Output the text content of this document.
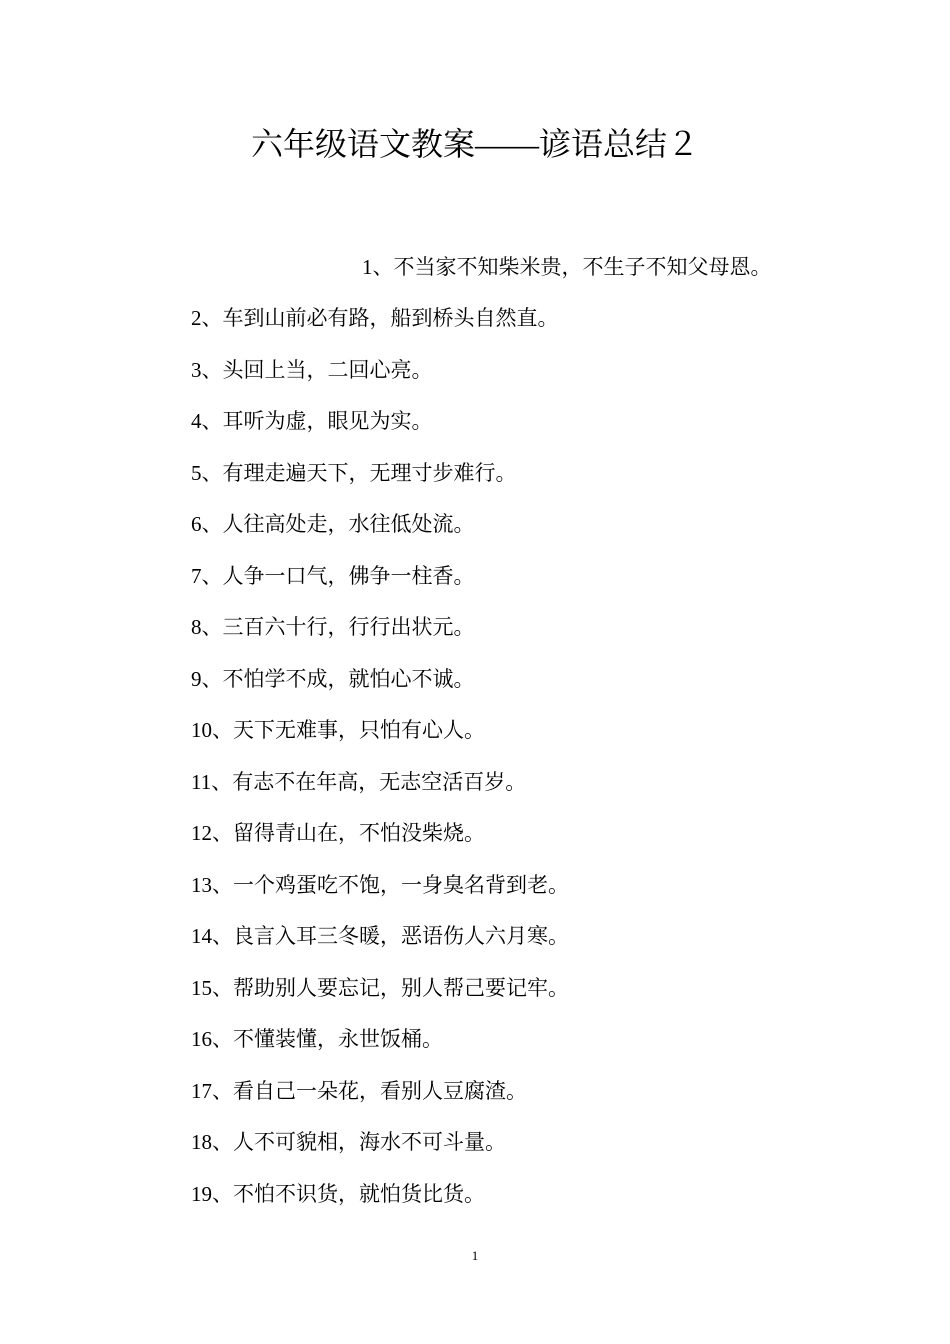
六年级语文教案——谚语总结２
1、不当家不知柴米贵，不生子不知父母恩。
2、车到山前必有路，船到桥头自然直。
3、头回上当，二回心亮。
4、耳听为虚，眼见为实。
5、有理走遍天下，无理寸步难行。
6、人往高处走，水往低处流。
7、人争一口气，佛争一柱香。
8、三百六十行，行行出状元。
9、不怕学不成，就怕心不诚。
10、天下无难事，只怕有心人。
11、有志不在年高，无志空活百岁。
12、留得青山在，不怕没柴烧。
13、一个鸡蛋吃不饱，一身臭名背到老。
14、良言入耳三冬暖，恶语伤人六月寒。
15、帮助别人要忘记，别人帮己要记牢。
16、不懂装懂，永世饭桶。
17、看自己一朵花，看别人豆腐渣。
18、人不可貌相，海水不可斗量。
19、不怕不识货，就怕货比货。
1
